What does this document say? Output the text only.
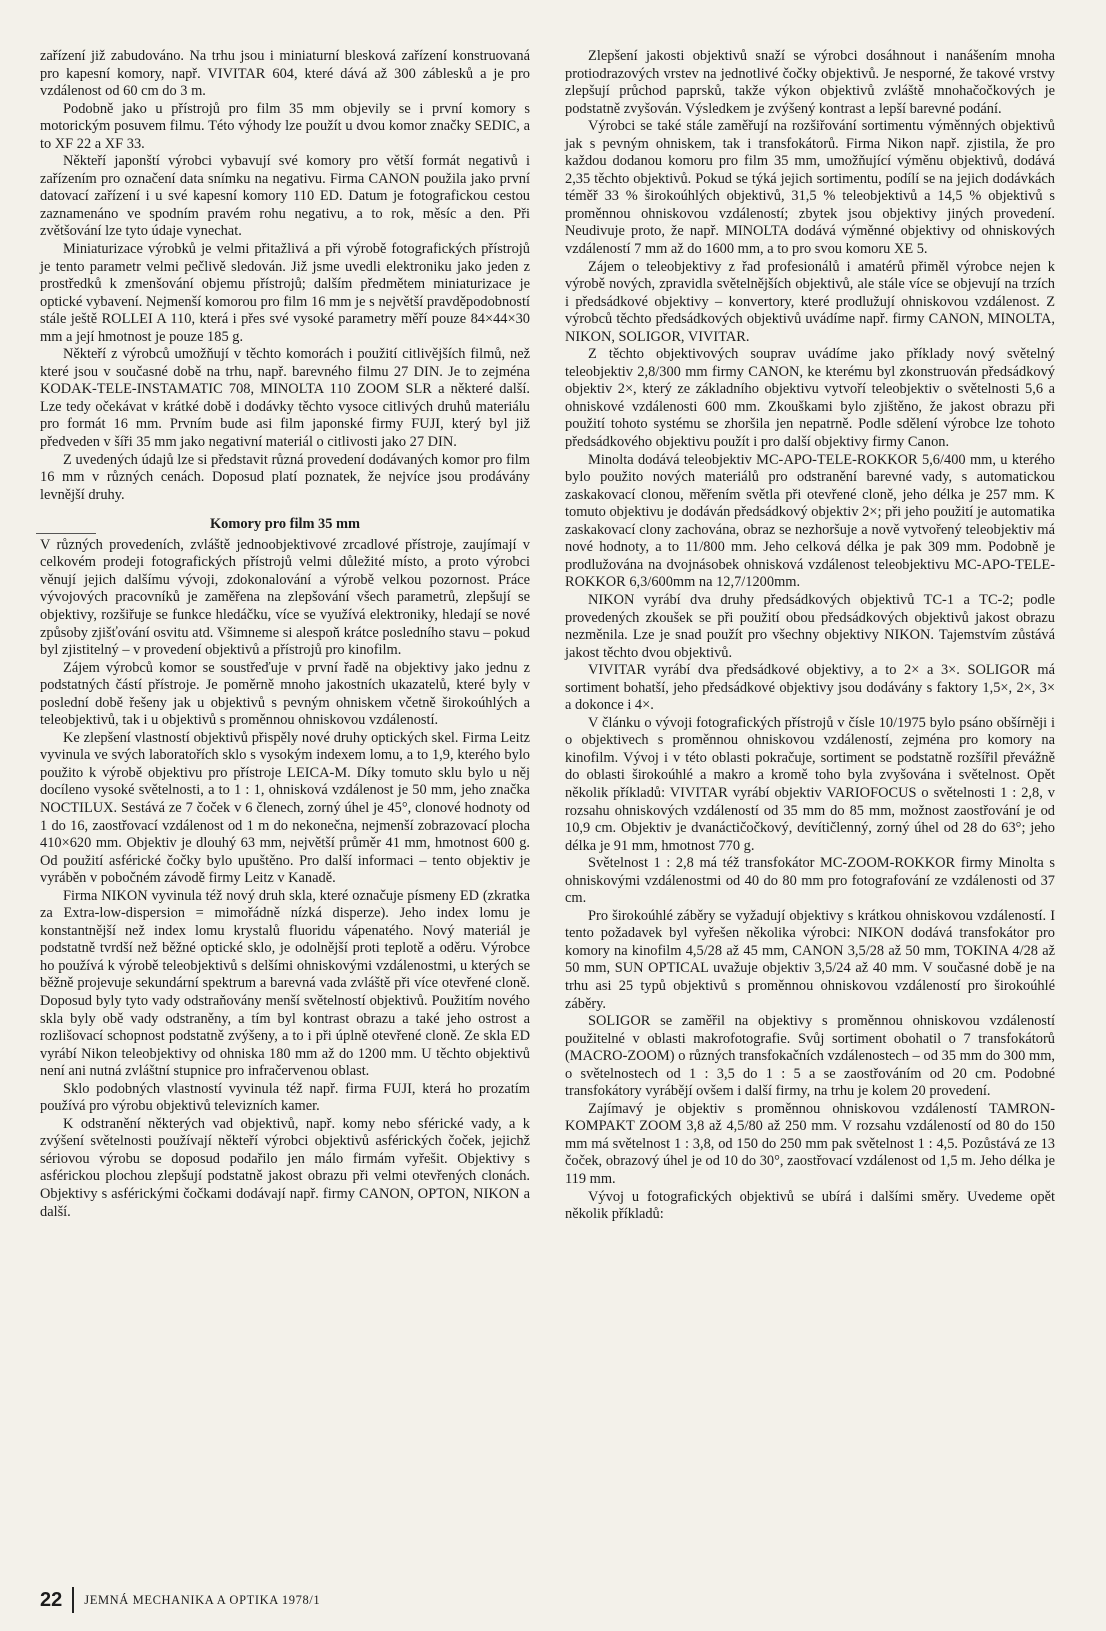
zařízení již zabudováno. Na trhu jsou i miniaturní blesková zařízení konstruovaná pro kapesní komory, např. VIVITAR 604, které dává až 300 záblesků a je pro vzdálenost od 60 cm do 3 m.

Podobně jako u přístrojů pro film 35 mm objevily se i první komory s motorickým posuvem filmu. Této výhody lze použít u dvou komor značky SEDIC, a to XF 22 a XF 33.

Někteří japonští výrobci vybavují své komory pro větší formát negativů i zařízením pro označení data snímku na negativu. Firma CANON použila jako první datovací zařízení i u své kapesní komory 110 ED. Datum je fotografickou cestou zaznamenáno ve spodním pravém rohu negativu, a to rok, měsíc a den. Při zvětšování lze tyto údaje vynechat.

Miniaturizace výrobků je velmi přitažlivá a při výrobě fotografických přístrojů je tento parametr velmi pečlivě sledován. Již jsme uvedli elektroniku jako jeden z prostředků k zmenšování objemu přístrojů; dalším předmětem miniaturizace je optické vybavení. Nejmenší komorou pro film 16 mm je s největší pravděpodobností stále ještě ROLLEI A 110, která i přes své vysoké parametry měří pouze 84×44×30 mm a její hmotnost je pouze 185 g.

Někteří z výrobců umožňují v těchto komorách i použití citlivějších filmů, než které jsou v současné době na trhu, např. barevného filmu 27 DIN. Je to zejména KODAK-TELE-INSTAMATIC 708, MINOLTA 110 ZOOM SLR a některé další. Lze tedy očekávat v krátké době i dodávky těchto vysoce citlivých druhů materiálu pro formát 16 mm. Prvním bude asi film japonské firmy FUJI, který byl již předveden v šíři 35 mm jako negativní materiál o citlivosti jako 27 DIN.

Z uvedených údajů lze si představit různá provedení dodávaných komor pro film 16 mm v různých cenách. Doposud platí poznatek, že nejvíce jsou prodávány levnější druhy.

Komory pro film 35 mm

V různých provedeních, zvláště jednoobjektivové zrcadlové přístroje, zaujímají v celkovém prodeji fotografických přístrojů velmi důležité místo, a proto výrobci věnují jejich dalšímu vývoji, zdokonalování a výrobě velkou pozornost. Práce vývojových pracovníků je zaměřena na zlepšování všech parametrů, zlepšují se objektivy, rozšiřuje se funkce hledáčku, více se využívá elektroniky, hledají se nové způsoby zjišťování osvitu atd. Všimneme si alespoň krátce posledního stavu – pokud byl zjistitelný – v provedení objektivů a přístrojů pro kinofilm.

Zájem výrobců komor se soustřeďuje v první řadě na objektivy jako jednu z podstatných částí přístroje. Je poměrně mnoho jakostních ukazatelů, které byly v poslední době řešeny jak u objektivů s pevným ohniskem včetně širokoúhlých a teleobjektivů, tak i u objektivů s proměnnou ohniskovou vzdáleností.

Ke zlepšení vlastností objektivů přispěly nové druhy optických skel. Firma Leitz vyvinula ve svých laboratořích sklo s vysokým indexem lomu, a to 1,9, kterého bylo použito k výrobě objektivu pro přístroje LEICA-M. Díky tomuto sklu bylo u něj docíleno vysoké světelnosti, a to 1 : 1, ohnisková vzdálenost je 50 mm, jeho značka NOCTILUX. Sestává ze 7 čoček v 6 členech, zorný úhel je 45°, clonové hodnoty od 1 do 16, zaostřovací vzdálenost od 1 m do nekonečna, nejmenší zobrazovací plocha 410×620 mm. Objektiv je dlouhý 63 mm, největší průměr 41 mm, hmotnost 600 g. Od použití asférické čočky bylo upuštěno. Pro další informaci – tento objektiv je vyráběn v pobočném závodě firmy Leitz v Kanadě.

Firma NIKON vyvinula též nový druh skla, které označuje písmeny ED (zkratka za Extra-low-dispersion = mimořádně nízká disperze). Jeho index lomu je konstantnější než index lomu krystalů fluoridu vápenatého. Nový materiál je podstatně tvrdší než běžné optické sklo, je odolnější proti teplotě a oděru. Výrobce ho používá k výrobě teleobjektivů s delšími ohniskovými vzdálenostmi, u kterých se běžně projevuje sekundární spektrum a barevná vada zvláště při více otevřené cloně. Doposud byly tyto vady odstraňovány menší světelností objektivů. Použitím nového skla byly obě vady odstraněny, a tím byl kontrast obrazu a také jeho ostrost a rozlišovací schopnost podstatně zvýšeny, a to i při úplně otevřené cloně. Ze skla ED vyrábí Nikon teleobjektivy od ohniska 180 mm až do 1200 mm. U těchto objektivů není ani nutná zvláštní stupnice pro infračervenou oblast.

Sklo podobných vlastností vyvinula též např. firma FUJI, která ho prozatím používá pro výrobu objektivů televizních kamer.

K odstranění některých vad objektivů, např. komy nebo sférické vady, a k zvýšení světelnosti používají někteří výrobci objektivů asférických čoček, jejichž sériovou výrobu se doposud podařilo jen málo firmám vyřešit. Objektivy s asférickou plochou zlepšují podstatně jakost obrazu při velmi otevřených clonách. Objektivy s asférickými čočkami dodávají např. firmy CANON, OPTON, NIKON a další.

Zlepšení jakosti objektivů snaží se výrobci dosáhnout i nanášením mnoha protiodrazových vrstev na jednotlivé čočky objektivů. Je nesporné, že takové vrstvy zlepšují průchod paprsků, takže výkon objektivů zvláště mnohačočkových je podstatně zvyšován. Výsledkem je zvýšený kontrast a lepší barevné podání.

Výrobci se také stále zaměřují na rozšiřování sortimentu výměnných objektivů jak s pevným ohniskem, tak i transfokátorů. Firma Nikon např. zjistila, že pro každou dodanou komoru pro film 35 mm, umožňující výměnu objektivů, dodává 2,35 těchto objektivů. Pokud se týká jejich sortimentu, podílí se na jejich dodávkách téměř 33 % širokoúhlých objektivů, 31,5 % teleobjektivů a 14,5 % objektivů s proměnnou ohniskovou vzdáleností; zbytek jsou objektivy jiných provedení. Neudivuje proto, že např. MINOLTA dodává výměnné objektivy od ohniskových vzdáleností 7 mm až do 1600 mm, a to pro svou komoru XE 5.

Zájem o teleobjektivy z řad profesionálů i amatérů přiměl výrobce nejen k výrobě nových, zpravidla světelnějších objektivů, ale stále více se objevují na trzích i předsádkové objektivy – konvertory, které prodlužují ohniskovou vzdálenost. Z výrobců těchto předsádkových objektivů uvádíme např. firmy CANON, MINOLTA, NIKON, SOLIGOR, VIVITAR.

Z těchto objektivových souprav uvádíme jako příklady nový světelný teleobjektiv 2,8/300 mm firmy CANON, ke kterému byl zkonstruován předsádkový objektiv 2×, který ze základního objektivu vytvoří teleobjektiv o světelnosti 5,6 a ohniskové vzdálenosti 600 mm. Zkouškami bylo zjištěno, že jakost obrazu při použití tohoto systému se zhoršila jen nepatrně. Podle sdělení výrobce lze tohoto předsádkového objektivu použít i pro další objektivy firmy Canon.

Minolta dodává teleobjektiv MC-APO-TELE-ROKKOR 5,6/400 mm, u kterého bylo použito nových materiálů pro odstranění barevné vady, s automatickou zaskakovací clonou, měřením světla při otevřené cloně, jeho délka je 257 mm. K tomuto objektivu je dodáván předsádkový objektiv 2×; při jeho použití je automatika zaskakovací clony zachována, obraz se nezhoršuje a nově vytvořený teleobjektiv má nové hodnoty, a to 11/800 mm. Jeho celková délka je pak 309 mm. Podobně je prodlužována na dvojnásobek ohnisková vzdálenost teleobjektivu MC-APO-TELE-ROKKOR 6,3/600mm na 12,7/1200mm.

NIKON vyrábí dva druhy předsádkových objektivů TC-1 a TC-2; podle provedených zkoušek se při použití obou předsádkových objektivů jakost obrazu nezměnila. Lze je snad použít pro všechny objektivy NIKON. Tajemstvím zůstává jakost těchto dvou objektivů.

VIVITAR vyrábí dva předsádkové objektivy, a to 2× a 3×. SOLIGOR má sortiment bohatší, jeho předsádkové objektivy jsou dodávány s faktory 1,5×, 2×, 3× a dokonce i 4×.

V článku o vývoji fotografických přístrojů v čísle 10/1975 bylo psáno obšírněji i o objektivech s proměnnou ohniskovou vzdáleností, zejména pro komory na kinofilm. Vývoj i v této oblasti pokračuje, sortiment se podstatně rozšířil převážně do oblasti širokoúhlé a makro a kromě toho byla zvyšována i světelnost. Opět několik příkladů: VIVITAR vyrábí objektiv VARIOFOCUS o světelnosti 1 : 2,8, v rozsahu ohniskových vzdáleností od 35 mm do 85 mm, možnost zaostřování je od 10,9 cm. Objektiv je dvanáctičočkový, devítičlenný, zorný úhel od 28 do 63°; jeho délka je 91 mm, hmotnost 770 g.

Světelnost 1 : 2,8 má též transfokátor MC-ZOOM-ROKKOR firmy Minolta s ohniskovými vzdálenostmi od 40 do 80 mm pro fotografování ze vzdálenosti od 37 cm.

Pro širokoúhlé záběry se vyžadují objektivy s krátkou ohniskovou vzdáleností. I tento požadavek byl vyřešen několika výrobci: NIKON dodává transfokátor pro komory na kinofilm 4,5/28 až 45 mm, CANON 3,5/28 až 50 mm, TOKINA 4/28 až 50 mm, SUN OPTICAL uvažuje objektiv 3,5/24 až 40 mm. V současné době je na trhu asi 25 typů objektivů s proměnnou ohniskovou vzdáleností pro širokoúhlé záběry.

SOLIGOR se zaměřil na objektivy s proměnnou ohniskovou vzdáleností použitelné v oblasti makrofotografie. Svůj sortiment obohatil o 7 transfokátorů (MACRO-ZOOM) o různých transfokačních vzdálenostech – od 35 mm do 300 mm, o světelnostech od 1 : 3,5 do 1 : 5 a se zaostřováním od 20 cm. Podobné transfokátory vyrábějí ovšem i další firmy, na trhu je kolem 20 provedení.

Zajímavý je objektiv s proměnnou ohniskovou vzdáleností TAMRON-KOMPAKT ZOOM 3,8 až 4,5/80 až 250 mm. V rozsahu vzdáleností od 80 do 150 mm má světelnost 1 : 3,8, od 150 do 250 mm pak světelnost 1 : 4,5. Pozůstává ze 13 čoček, obrazový úhel je od 10 do 30°, zaostřovací vzdálenost od 1,5 m. Jeho délka je 119 mm.

Vývoj u fotografických objektivů se ubírá i dalšími směry. Uvedeme opět několik příkladů:

22 JEMNÁ MECHANIKA A OPTIKA 1978/1
